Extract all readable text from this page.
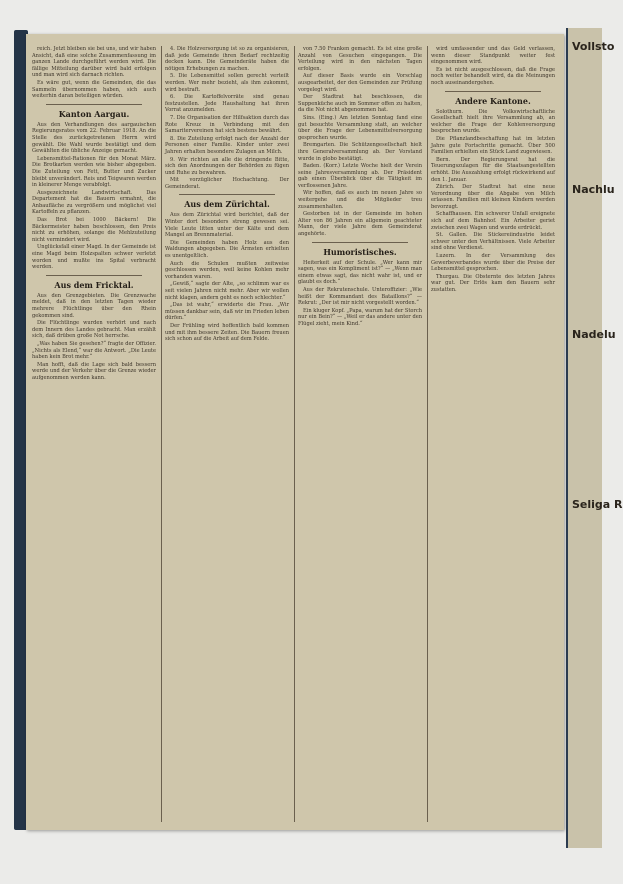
reich. Jetzt bleiben sie bei uns, und wir haben Ansicht, daß eine solche Zusammenfassung im ganzen Lande durchgeführt werden wird. Die fällige Mitteilung darüber wird bald erfolgen und man wird sich darnach richten.

Es wäre gut, wenn die Gemeinden, die das Sammeln übernommen haben, sich auch weiterhin daran beteiligen würden.

Kanton Aargau.

Aus den Verhandlungen des aargauischen Regierungsrates vom 22. Februar 1918. An die Stelle des zurückgetretenen Herrn wird gewählt. Die Wahl wurde bestätigt und dem Gewählten die übliche Anzeige gemacht.

Lebensmittel-Rationen für den Monat März. Die Brotkarten werden wie bisher abgegeben. Die Zuteilung von Fett, Butter und Zucker bleibt unverändert. Reis und Teigwaren werden in kleinerer Menge verabfolgt.

Ausgezeichnete Landwirtschaft. Das Departement hat die Bauern ermahnt, die Anbaufläche zu vergrößern und möglichst viel Kartoffeln zu pflanzen.

Das Brot bei 1000 Bäckern! Die Bäckermeister haben beschlossen, den Preis nicht zu erhöhen, solange die Mehlzuteilung nicht vermindert wird.

Unglücksfall einer Magd. In der Gemeinde ist eine Magd beim Holzspalten schwer verletzt worden und mußte ins Spital verbracht werden.

Aus dem Fricktal.

Aus den Grenzgebieten. Die Grenzwache meldet, daß in den letzten Tagen wieder mehrere Flüchtlinge über den Rhein gekommen sind.

Die Flüchtlinge wurden verhört und nach dem Innern des Landes gebracht. Man erzählt sich, daß drüben große Not herrsche.

„Was haben Sie gesehen?“ fragte der Offizier. „Nichts als Elend,“ war die Antwort. „Die Leute haben kein Brot mehr.“

Man hofft, daß die Lage sich bald bessern werde und der Verkehr über die Grenze wieder aufgenommen werden kann.

4. Die Holzversorgung ist so zu organisieren, daß jede Gemeinde ihren Bedarf rechtzeitig decken kann. Die Gemeinderäte haben die nötigen Erhebungen zu machen.

5. Die Lebensmittel sollen gerecht verteilt werden. Wer mehr bezieht, als ihm zukommt, wird bestraft.

6. Die Kartoffelvorräte sind genau festzustellen. Jede Haushaltung hat ihren Vorrat anzumelden.

7. Die Organisation der Hilfsaktion durch das Rote Kreuz in Verbindung mit den Samaritervereinen hat sich bestens bewährt.

8. Die Zuteilung erfolgt nach der Anzahl der Personen einer Familie. Kinder unter zwei Jahren erhalten besondere Zulagen an Milch.

9. Wir richten an alle die dringende Bitte, sich den Anordnungen der Behörden zu fügen und Ruhe zu bewahren.

Mit vorzüglicher Hochachtung. Der Gemeinderat.

Aus dem Zürichtal.

Aus dem Zürichtal wird berichtet, daß der Winter dort besonders streng gewesen sei. Viele Leute litten unter der Kälte und dem Mangel an Brennmaterial.

Die Gemeinden haben Holz aus den Waldungen abgegeben. Die Ärmsten erhielten es unentgeltlich.

Auch die Schulen mußten zeitweise geschlossen werden, weil keine Kohlen mehr vorhanden waren.

„Gewiß,“ sagte der Alte, „so schlimm war es seit vielen Jahren nicht mehr. Aber wir wollen nicht klagen, andern geht es noch schlechter.“

„Das ist wahr,“ erwiderte die Frau. „Wir müssen dankbar sein, daß wir im Frieden leben dürfen.“

Der Frühling wird hoffentlich bald kommen und mit ihm bessere Zeiten. Die Bauern freuen sich schon auf die Arbeit auf dem Felde.

von 7.50 Franken gemacht. Es ist eine große Anzahl von Gesuchen eingegangen. Die Verteilung wird in den nächsten Tagen erfolgen.

Auf dieser Basis wurde ein Vorschlag ausgearbeitet, der den Gemeinden zur Prüfung vorgelegt wird.

Der Stadtrat hat beschlossen, die Suppenküche auch im Sommer offen zu halten, da die Not nicht abgenommen hat.

Sins. (Eing.) Am letzten Sonntag fand eine gut besuchte Versammlung statt, an welcher über die Frage der Lebensmittelversorgung gesprochen wurde.

Bremgarten. Die Schützengesellschaft hielt ihre Generalversammlung ab. Der Vorstand wurde in globo bestätigt.

Baden. (Korr.) Letzte Woche hielt der Verein seine Jahresversammlung ab. Der Präsident gab einen Überblick über die Tätigkeit im verflossenen Jahre.

Wir hoffen, daß es auch im neuen Jahre so weitergehe und die Mitglieder treu zusammenhalten.

Gestorben ist in der Gemeinde im hohen Alter von 86 Jahren ein allgemein geachteter Mann, der viele Jahre dem Gemeinderat angehörte.

Humoristisches.

Heiterkeit auf der Schule. „Wer kann mir sagen, was ein Kompliment ist?“ — „Wenn man einem etwas sagt, das nicht wahr ist, und er glaubt es doch.“

Aus der Rekrutenschule. Unteroffizier: „Wie heißt der Kommandant des Bataillons?“ — Rekrut: „Der ist mir nicht vorgestellt worden.“

Ein kluger Kopf. „Papa, warum hat der Storch nur ein Bein?“ — „Weil er das andere unter den Flügel zieht, mein Kind.“

wird umfassender und das Geld verlassen, wenn dieser Standpunkt weiter fest eingenommen wird.

Es ist nicht ausgeschlossen, daß die Frage noch weiter behandelt wird, da die Meinungen noch auseinandergehen.

Andere Kantone.

Solothurn. Die Volkswirtschaftliche Gesellschaft hielt ihre Versammlung ab, an welcher die Frage der Kohlenversorgung besprochen wurde.

Die Pflanzlandbeschaffung hat im letzten Jahre gute Fortschritte gemacht. Über 500 Familien erhielten ein Stück Land zugewiesen.

Bern. Der Regierungsrat hat die Teuerungszulagen für die Staatsangestellten erhöht. Die Auszahlung erfolgt rückwirkend auf den 1. Januar.

Zürich. Der Stadtrat hat eine neue Verordnung über die Abgabe von Milch erlassen. Familien mit kleinen Kindern werden bevorzugt.

Schaffhausen. Ein schwerer Unfall ereignete sich auf dem Bahnhof. Ein Arbeiter geriet zwischen zwei Wagen und wurde erdrückt.

St. Gallen. Die Stickereiindustrie leidet schwer unter den Verhältnissen. Viele Arbeiter sind ohne Verdienst.

Luzern. In der Versammlung des Gewerbeverbandes wurde über die Preise der Lebensmittel gesprochen.

Thurgau. Die Obsternte des letzten Jahres war gut. Der Erlös kam den Bauern sehr zustatten.

Vollsto
Nachlu
Nadelu
Seliga R
